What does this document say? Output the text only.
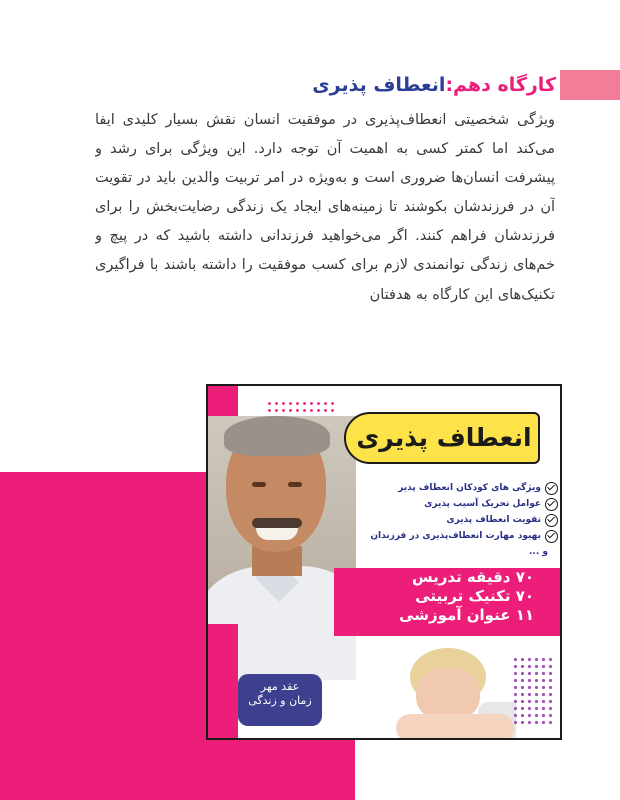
کارگاه دهم:
انعطاف پذیری

ویژگی شخصیتی انعطاف‌پذیری در موفقیت انسان نقش بسیار کلیدی ایفا می‌کند اما کمتر کسی به اهمیت آن توجه دارد. این ویژگی برای رشد و پیشرفت انسان‌ها ضروری است و به‌ویژه در امر تربیت والدین باید در تقویت آن در فرزندشان بکوشند تا زمینه‌های ایجاد یک زندگی رضایت‌بخش را برای فرزندشان فراهم کنند. اگر می‌خواهید فرزندانی داشته باشید که در پیچ و خم‌های زندگی توانمندی لازم برای کسب موفقیت را داشته باشند با فراگیری تکنیک‌های این کارگاه به هدفتان

عقد مهر
زمان و زندگی
انعطاف پذیری
ویژگی های کودکان انعطاف پذیر
عوامل تحریک آسیب پذیری
تقویت انعطاف پذیری
بهبود مهارت انعطاف‌پذیری در فرزندان
و ...

۷۰ دقیقه تدریس

۷۰ تکنیک تربیتی

۱۱ عنوان آموزشی
